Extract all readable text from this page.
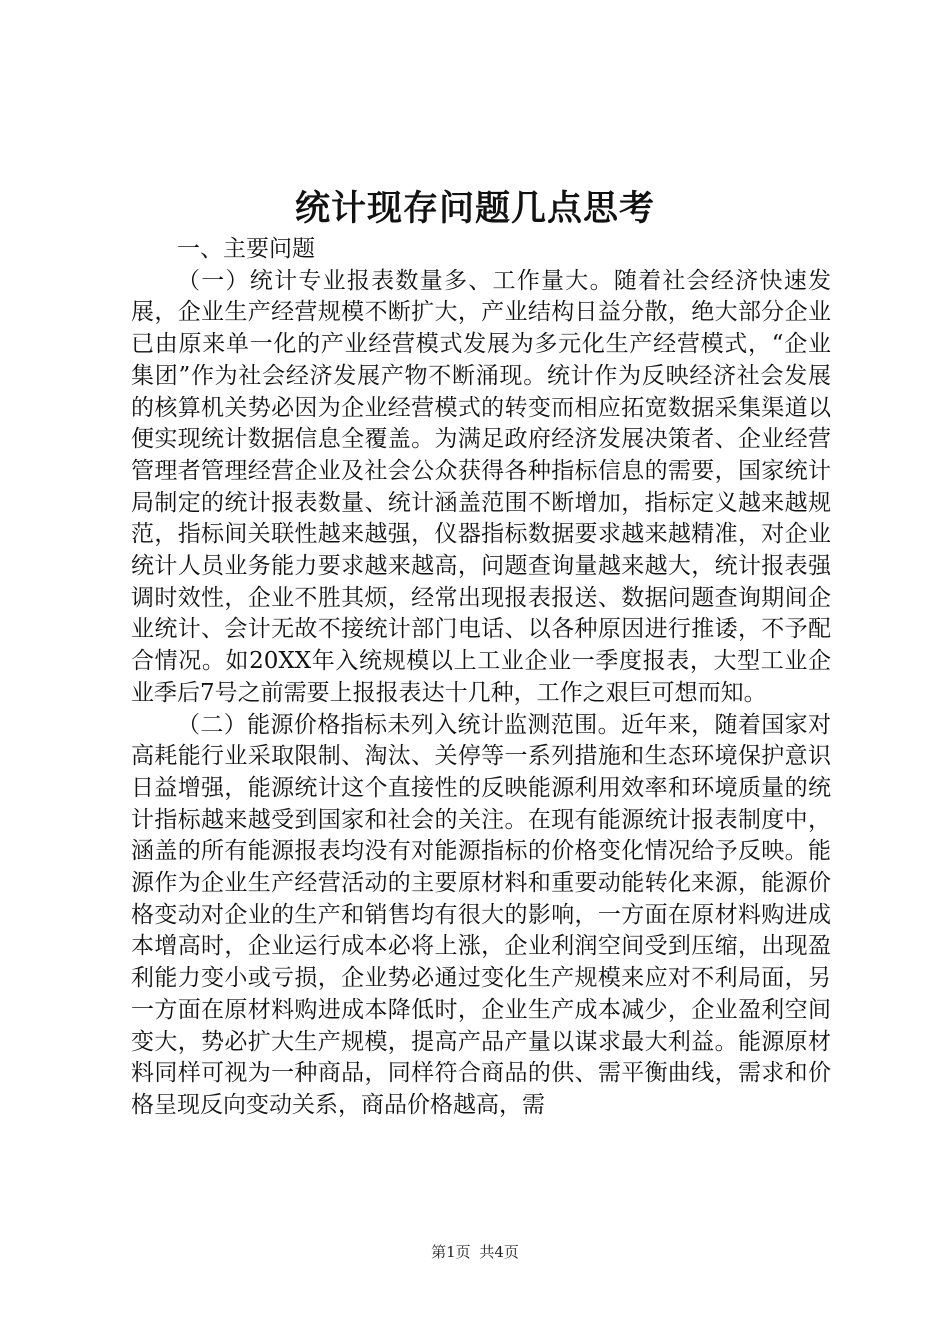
统计现存问题几点思考

一、主要问题

（一）统计专业报表数量多、工作量大。随着社会经济快速发展，企业生产经营规模不断扩大，产业结构日益分散，绝大部分企业已由原来单一化的产业经营模式发展为多元化生产经营模式，“企业集团”作为社会经济发展产物不断涌现。统计作为反映经济社会发展的核算机关势必因为企业经营模式的转变而相应拓宽数据采集渠道以便实现统计数据信息全覆盖。为满足政府经济发展决策者、企业经营管理者管理经营企业及社会公众获得各种指标信息的需要，国家统计局制定的统计报表数量、统计涵盖范围不断增加，指标定义越来越规范，指标间关联性越来越强，仪器指标数据要求越来越精准，对企业统计人员业务能力要求越来越高，问题查询量越来越大，统计报表强调时效性，企业不胜其烦，经常出现报表报送、数据问题查询期间企业统计、会计无故不接统计部门电话、以各种原因进行推诿，不予配合情况。如20XX年入统规模以上工业企业一季度报表，大型工业企业季后7号之前需要上报报表达十几种，工作之艰巨可想而知。

（二）能源价格指标未列入统计监测范围。近年来，随着国家对高耗能行业采取限制、淘汰、关停等一系列措施和生态环境保护意识日益增强，能源统计这个直接性的反映能源利用效率和环境质量的统计指标越来越受到国家和社会的关注。在现有能源统计报表制度中，涵盖的所有能源报表均没有对能源指标的价格变化情况给予反映。能源作为企业生产经营活动的主要原材料和重要动能转化来源，能源价格变动对企业的生产和销售均有很大的影响，一方面在原材料购进成本增高时，企业运行成本必将上涨，企业利润空间受到压缩，出现盈利能力变小或亏损，企业势必通过变化生产规模来应对不利局面，另一方面在原材料购进成本降低时，企业生产成本减少，企业盈利空间变大，势必扩大生产规模，提高产品产量以谋求最大利益。能源原材料同样可视为一种商品，同样符合商品的供、需平衡曲线，需求和价格呈现反向变动关系，商品价格越高，需

第1页 共4页
